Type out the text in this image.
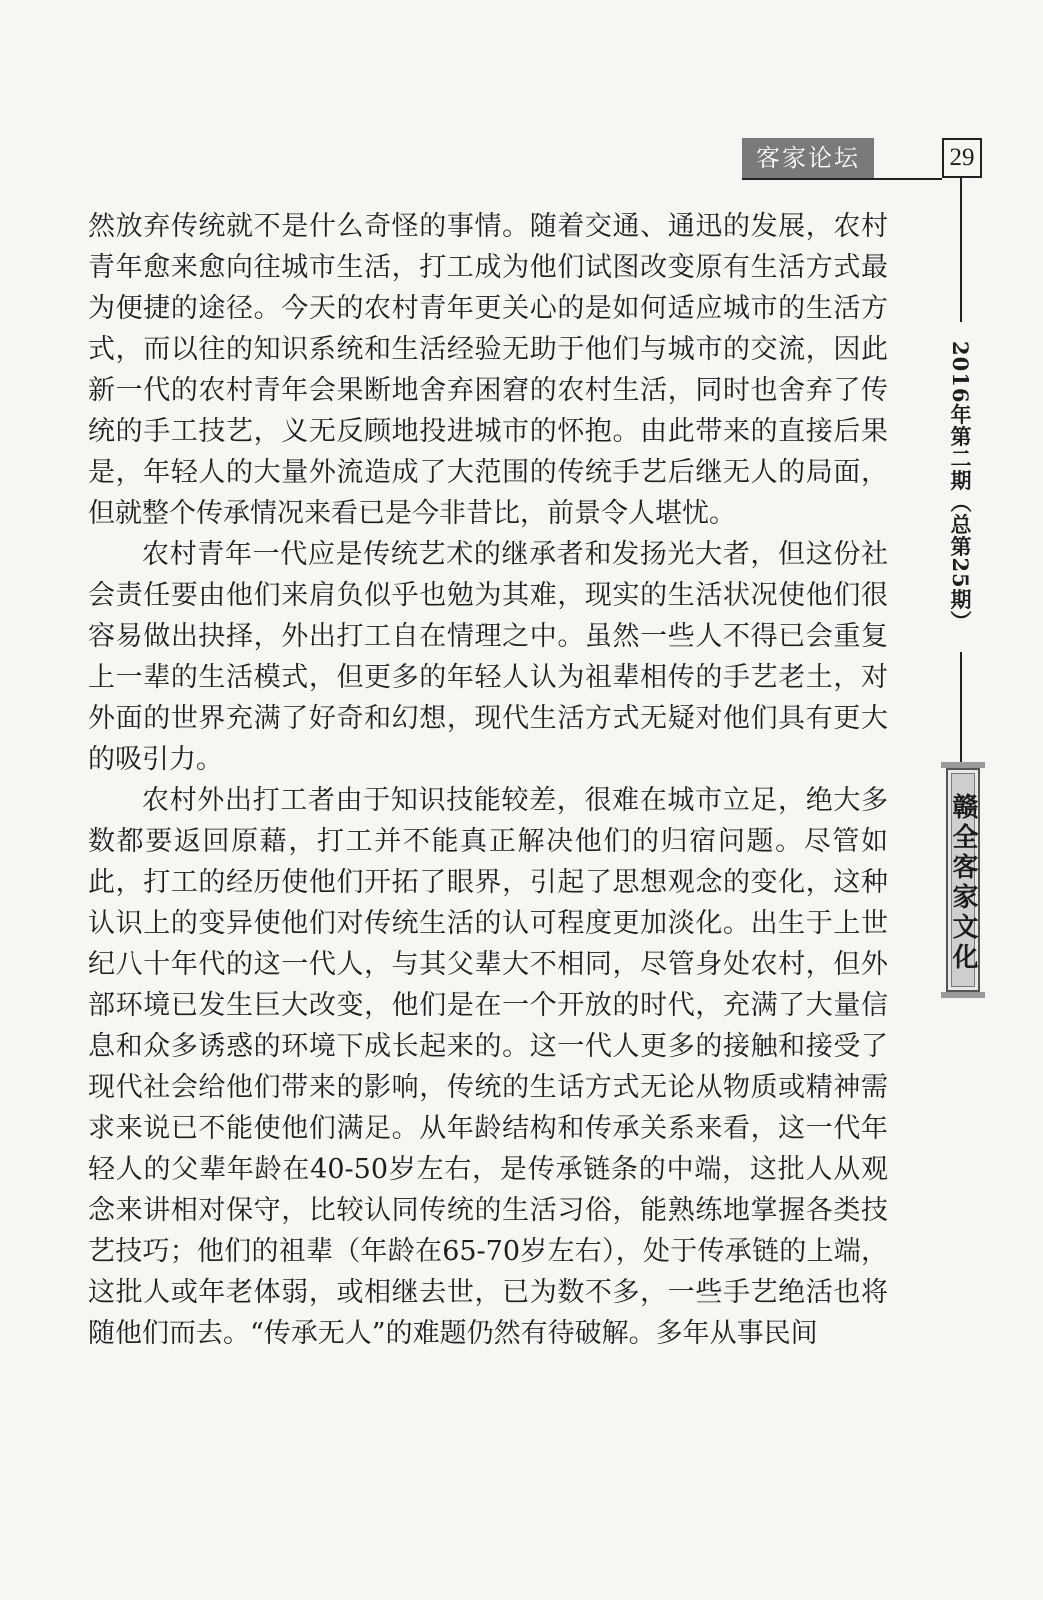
客家论坛	29
2016年第二期（总第25期）
赣全客家文化

然放弃传统就不是什么奇怪的事情。随着交通、通迅的发展，农村青年愈来愈向往城市生活，打工成为他们试图改变原有生活方式最为便捷的途径。今天的农村青年更关心的是如何适应城市的生活方式，而以往的知识系统和生活经验无助于他们与城市的交流，因此新一代的农村青年会果断地舍弃困窘的农村生活，同时也舍弃了传统的手工技艺，义无反顾地投进城市的怀抱。由此带来的直接后果是，年轻人的大量外流造成了大范围的传统手艺后继无人的局面，但就整个传承情况来看已是今非昔比，前景令人堪忧。

农村青年一代应是传统艺术的继承者和发扬光大者，但这份社会责任要由他们来肩负似乎也勉为其难，现实的生活状况使他们很容易做出抉择，外出打工自在情理之中。虽然一些人不得已会重复上一辈的生活模式，但更多的年轻人认为祖辈相传的手艺老土，对外面的世界充满了好奇和幻想，现代生活方式无疑对他们具有更大的吸引力。

农村外出打工者由于知识技能较差，很难在城市立足，绝大多数都要返回原藉，打工并不能真正解决他们的归宿问题。尽管如此，打工的经历使他们开拓了眼界，引起了思想观念的变化，这种认识上的变异使他们对传统生活的认可程度更加淡化。出生于上世纪八十年代的这一代人，与其父辈大不相同，尽管身处农村，但外部环境已发生巨大改变，他们是在一个开放的时代，充满了大量信息和众多诱惑的环境下成长起来的。这一代人更多的接触和接受了现代社会给他们带来的影响，传统的生话方式无论从物质或精神需求来说已不能使他们满足。从年龄结构和传承关系来看，这一代年轻人的父辈年龄在40-50岁左右，是传承链条的中端，这批人从观念来讲相对保守，比较认同传统的生活习俗，能熟练地掌握各类技艺技巧；他们的祖辈（年龄在65-70岁左右），处于传承链的上端，这批人或年老体弱，或相继去世，已为数不多，一些手艺绝活也将随他们而去。“传承无人”的难题仍然有待破解。多年从事民间
